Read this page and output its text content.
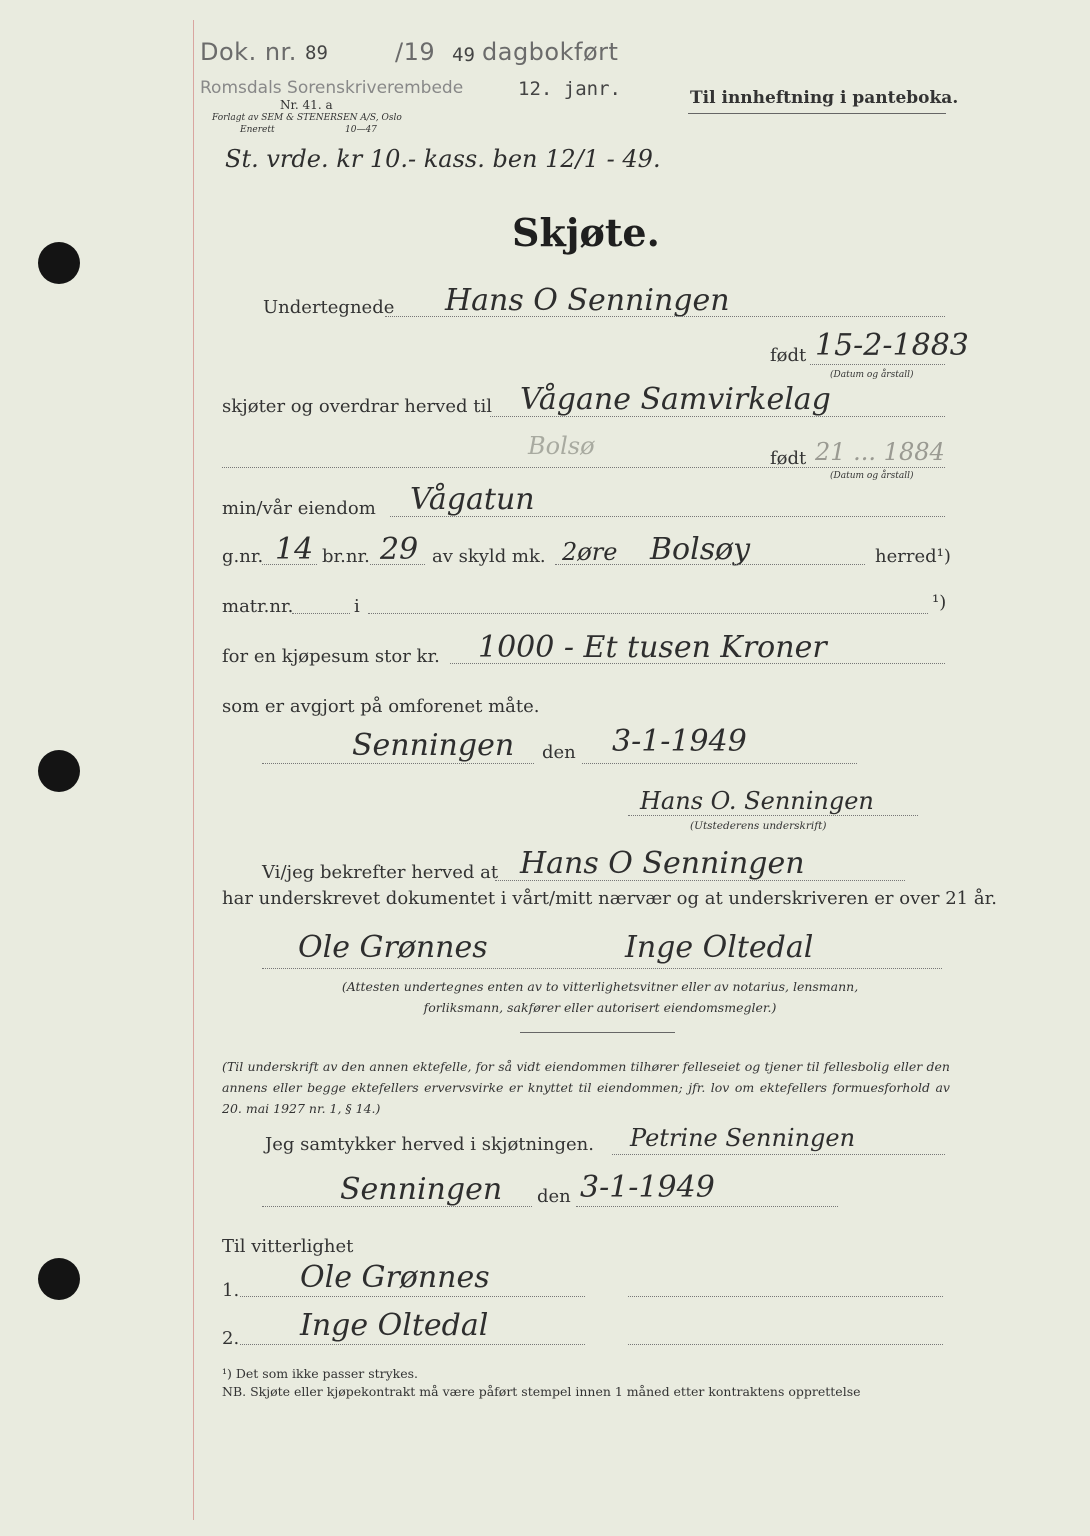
Dok. nr. 89	/19 49 dagbokført
Romsdals Sorenskriverembede	12. janr.
Nr. 41. a
Forlagt av SEM & STENERSEN A/S, Oslo
Enerett	10—47
Til innheftning i panteboka.
St. vrde. kr 10.- kass. ben 12/1 - 49.
Skjøte.
Undertegnede Hans O Senningen
født 15-2-1883
(Datum og årstall)
skjøter og overdrar herved til Vågane Samvirkelag
Bolsø	født 21 ... 1884
(Datum og årstall)
min/vår eiendom Vågatun
g.nr. 14 br.nr. 29 av skyld mk. 2øre Bolsøy	herred¹)
matr.nr.	i	¹)
for en kjøpesum stor kr. 1000 - Et tusen Kroner
som er avgjort på omforenet måte.
Senningen den 3-1-1949
Hans O. Senningen
(Utstederens underskrift)
Vi/jeg bekrefter herved at Hans O Senningen
har underskrevet dokumentet i vårt/mitt nærvær og at underskriveren er over 21 år.
Ole Grønnes	Inge Oltedal
(Attesten undertegnes enten av to vitterlighetsvitner eller av notarius, lensmann, forliksmann, sakfører eller autorisert eiendomsmegler.)
(Til underskrift av den annen ektefelle, for så vidt eiendommen tilhører felleseiet og tjener til fellesbolig eller den annens eller begge ektefellers ervervsvirke er knyttet til eiendommen; jfr. lov om ektefellers formuesforhold av 20. mai 1927 nr. 1, § 14.)
Jeg samtykker herved i skjøtningen. Petrine Senningen
Senningen den 3-1-1949
Til vitterlighet
1. Ole Grønnes
2. Inge Oltedal
¹) Det som ikke passer strykes.
NB. Skjøte eller kjøpekontrakt må være påført stempel innen 1 måned etter kontraktens opprettelse
